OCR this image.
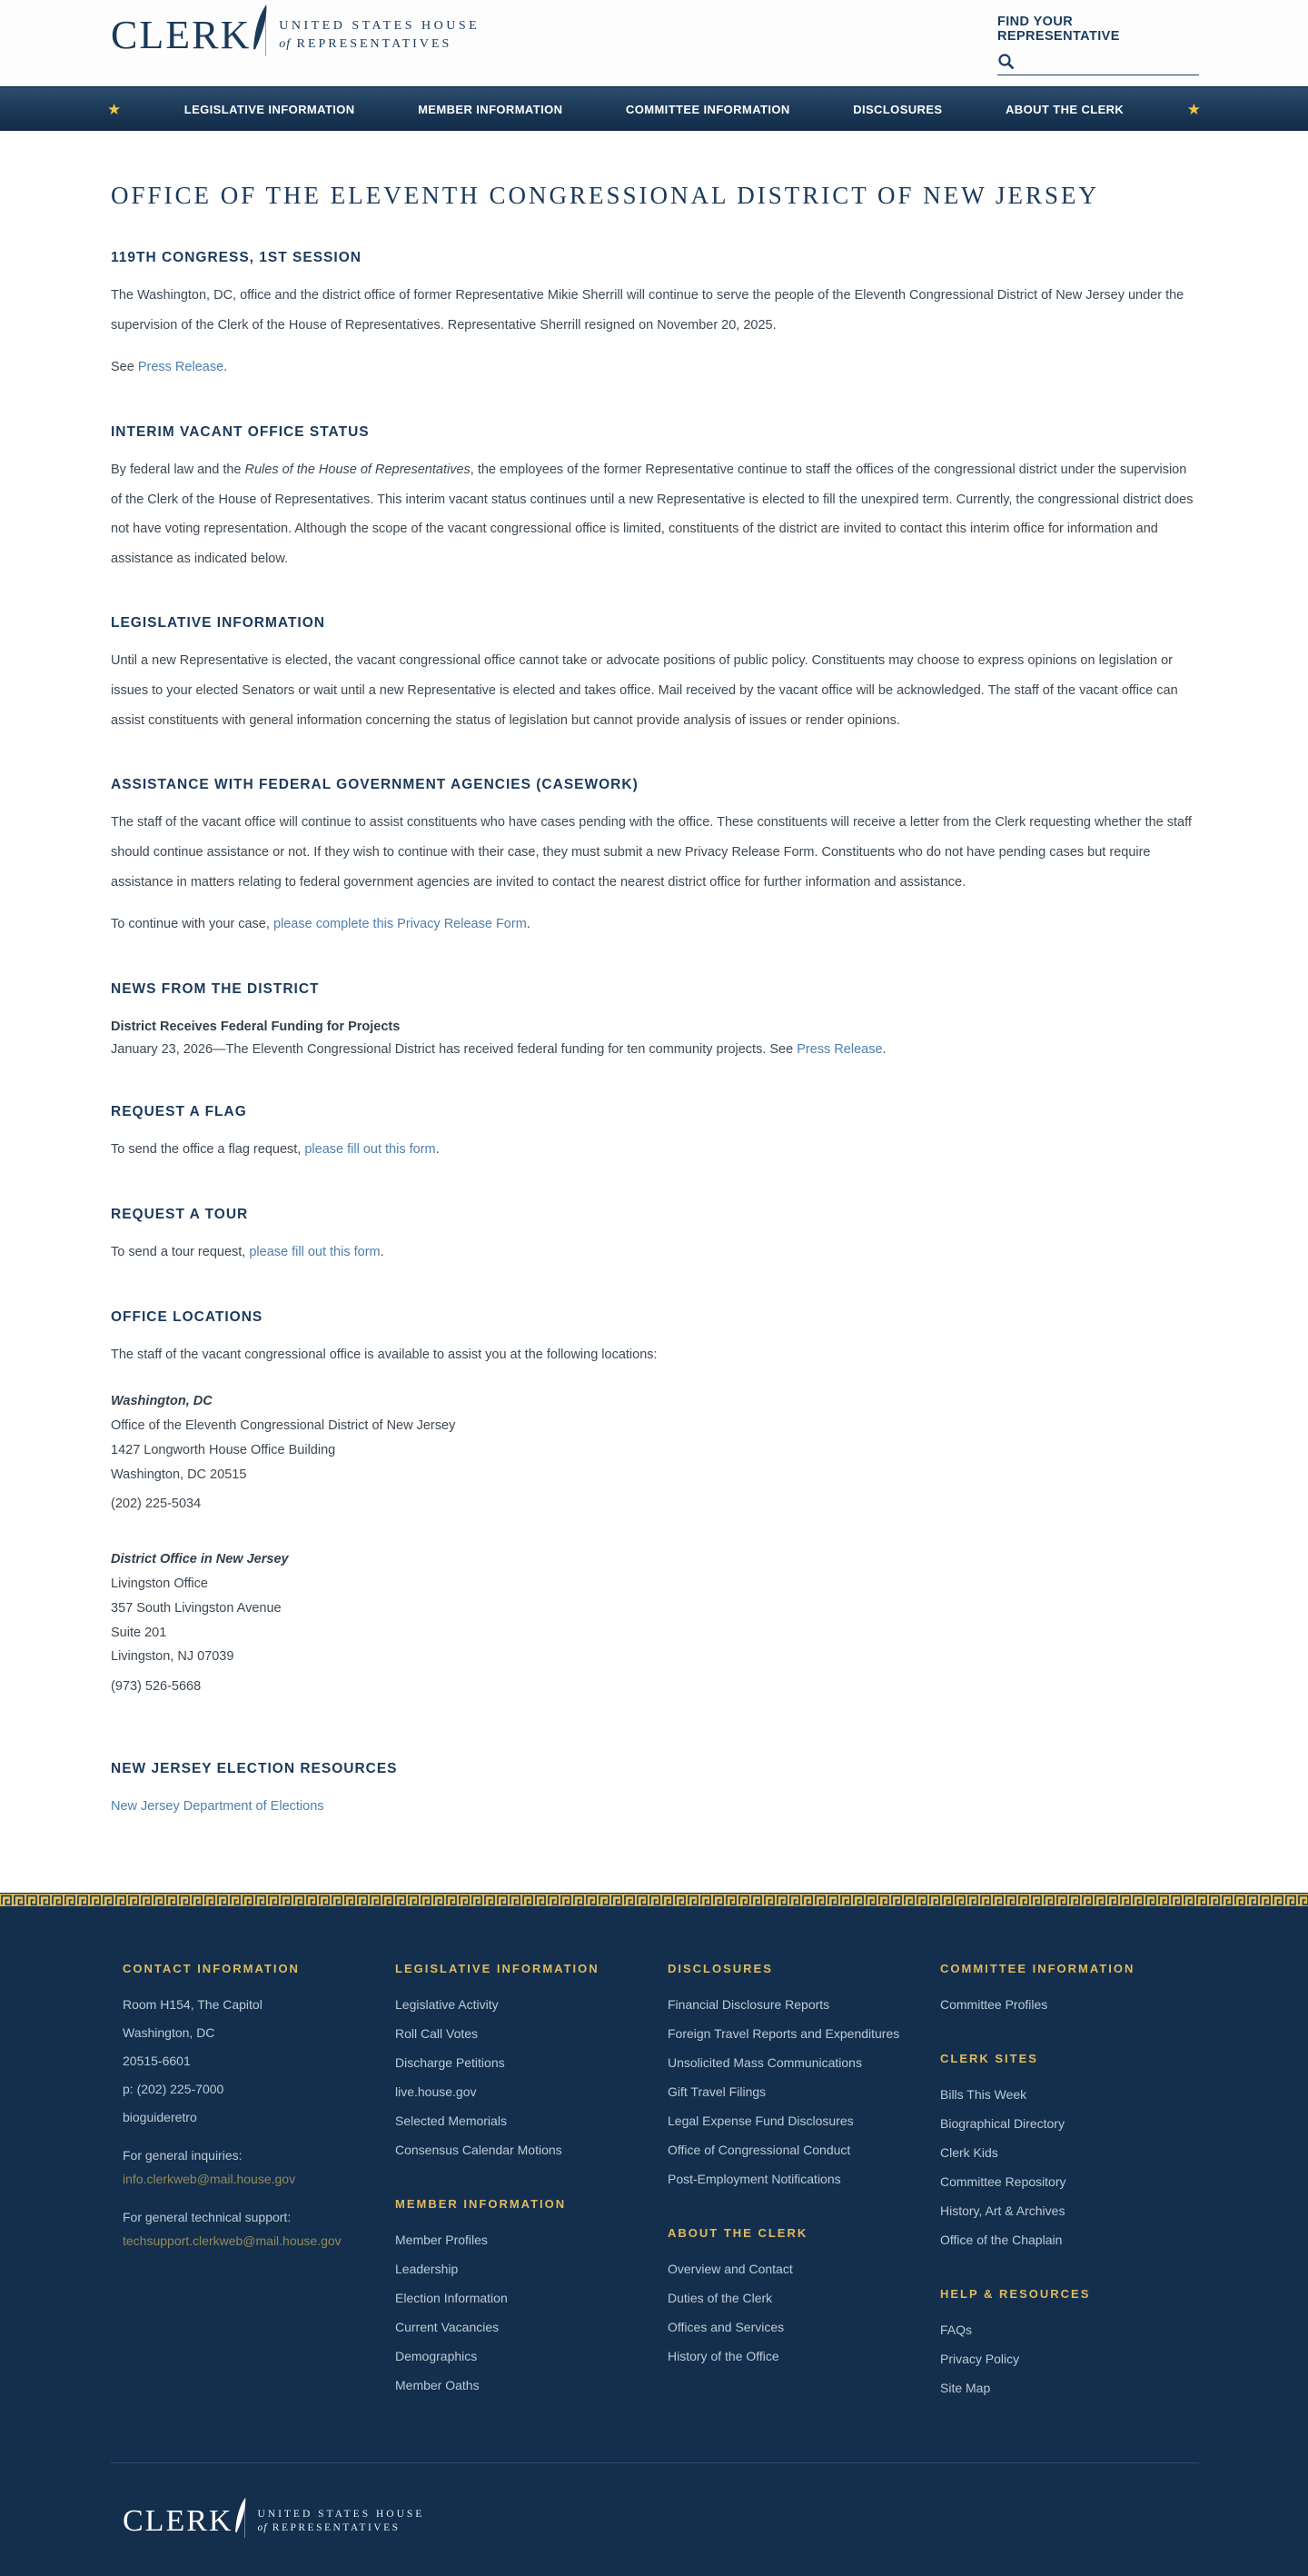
CLERK	UNITED STATES HOUSE
of REPRESENTATIVES
FIND YOUR REPRESENTATIVE
★	LEGISLATIVE INFORMATION	MEMBER INFORMATION	COMMITTEE INFORMATION	DISCLOSURES	ABOUT THE CLERK	★
OFFICE OF THE ELEVENTH CONGRESSIONAL DISTRICT OF NEW JERSEY
119TH CONGRESS, 1ST SESSION

The Washington, DC, office and the district office of former Representative Mikie Sherrill will continue to serve the people of the Eleventh Congressional District of New Jersey under the supervision of the Clerk of the House of Representatives. Representative Sherrill resigned on November 20, 2025.

See Press Release.

INTERIM VACANT OFFICE STATUS

By federal law and the Rules of the House of Representatives, the employees of the former Representative continue to staff the offices of the congressional district under the supervision of the Clerk of the House of Representatives. This interim vacant status continues until a new Representative is elected to fill the unexpired term. Currently, the congressional district does not have voting representation. Although the scope of the vacant congressional office is limited, constituents of the district are invited to contact this interim office for information and assistance as indicated below.

LEGISLATIVE INFORMATION

Until a new Representative is elected, the vacant congressional office cannot take or advocate positions of public policy. Constituents may choose to express opinions on legislation or issues to your elected Senators or wait until a new Representative is elected and takes office. Mail received by the vacant office will be acknowledged. The staff of the vacant office can assist constituents with general information concerning the status of legislation but cannot provide analysis of issues or render opinions.

ASSISTANCE WITH FEDERAL GOVERNMENT AGENCIES (CASEWORK)

The staff of the vacant office will continue to assist constituents who have cases pending with the office. These constituents will receive a letter from the Clerk requesting whether the staff should continue assistance or not. If they wish to continue with their case, they must submit a new Privacy Release Form. Constituents who do not have pending cases but require assistance in matters relating to federal government agencies are invited to contact the nearest district office for further information and assistance.

To continue with your case, please complete this Privacy Release Form.

NEWS FROM THE DISTRICT

District Receives Federal Funding for Projects

January 23, 2026—The Eleventh Congressional District has received federal funding for ten community projects. See Press Release.

REQUEST A FLAG

To send the office a flag request, please fill out this form.

REQUEST A TOUR

To send a tour request, please fill out this form.

OFFICE LOCATIONS

The staff of the vacant congressional office is available to assist you at the following locations:

Washington, DC
Office of the Eleventh Congressional District of New Jersey
1427 Longworth House Office Building
Washington, DC 20515
(202) 225-5034
District Office in New Jersey
Livingston Office
357 South Livingston Avenue
Suite 201
Livingston, NJ 07039
(973) 526-5668
NEW JERSEY ELECTION RESOURCES

New Jersey Department of Elections

CONTACT INFORMATION
Room H154, The Capitol
Washington, DC
20515-6601
p: (202) 225-7000
bioguideretro
For general inquiries:
info.clerkweb@mail.house.gov
For general technical support:
techsupport.clerkweb@mail.house.gov
LEGISLATIVE INFORMATION
Legislative Activity
Roll Call Votes
Discharge Petitions
live.house.gov
Selected Memorials
Consensus Calendar Motions
MEMBER INFORMATION
Member Profiles
Leadership
Election Information
Current Vacancies
Demographics
Member Oaths
DISCLOSURES
Financial Disclosure Reports
Foreign Travel Reports and Expenditures
Unsolicited Mass Communications
Gift Travel Filings
Legal Expense Fund Disclosures
Office of Congressional Conduct
Post-Employment Notifications
ABOUT THE CLERK
Overview and Contact
Duties of the Clerk
Offices and Services
History of the Office
COMMITTEE INFORMATION
Committee Profiles
CLERK SITES
Bills This Week
Biographical Directory
Clerk Kids
Committee Repository
History, Art & Archives
Office of the Chaplain
HELP & RESOURCES
FAQs
Privacy Policy
Site Map
CLERK	UNITED STATES HOUSE
of REPRESENTATIVES
